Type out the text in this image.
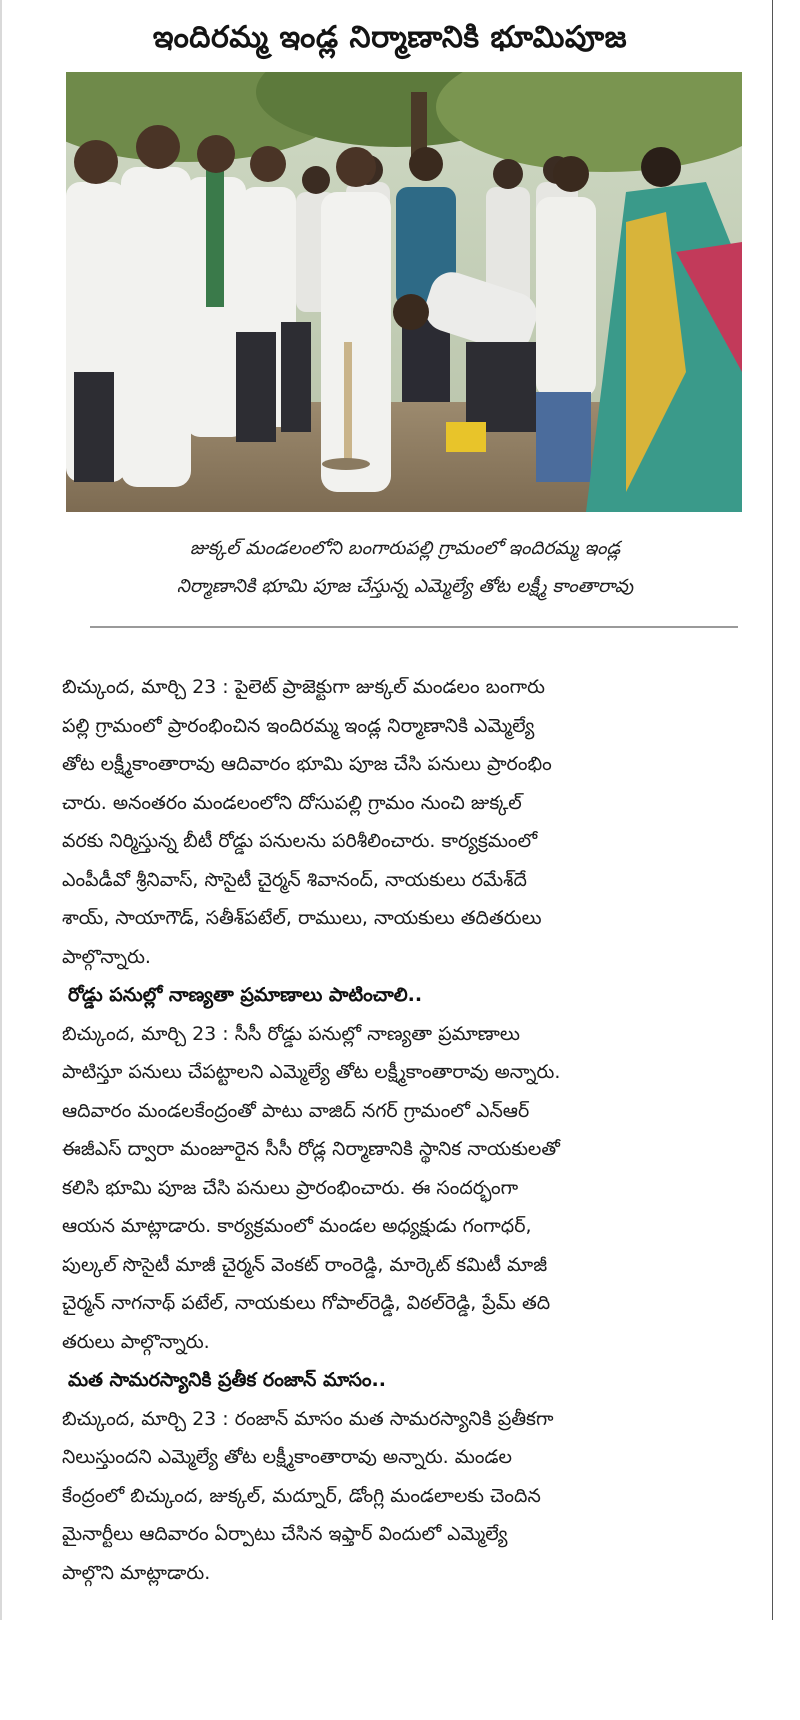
ఇందిరమ్మ ఇండ్ల నిర్మాణానికి భూమిపూజ
జుక్కల్ మండలంలోని బంగారుపల్లి గ్రామంలో ఇందిరమ్మ ఇండ్ల
నిర్మాణానికి భూమి పూజ చేస్తున్న ఎమ్మెల్యే తోట లక్ష్మీ కాంతారావు

బిచ్కుంద, మార్చి 23 : పైలెట్ ప్రాజెక్టుగా జుక్కల్ మండలం బంగారు
పల్లి గ్రామంలో ప్రారంభించిన ఇందిరమ్మ ఇండ్ల నిర్మాణానికి ఎమ్మెల్యే
తోట లక్ష్మీకాంతారావు ఆదివారం భూమి పూజ చేసి పనులు ప్రారంభిం
చారు. అనంతరం మండలంలోని దోసుపల్లి గ్రామం నుంచి జుక్కల్
వరకు నిర్మిస్తున్న బీటీ రోడ్డు పనులను పరిశీలించారు. కార్యక్రమంలో
ఎంపీడీవో శ్రీనివాస్, సొసైటీ చైర్మన్ శివానంద్, నాయకులు రమేశ్‌దే
శాయ్, సాయాగౌడ్, సతీశ్‌పటేల్, రాములు, నాయకులు తదితరులు
పాల్గొన్నారు.

రోడ్డు పనుల్లో నాణ్యతా ప్రమాణాలు పాటించాలి..

బిచ్కుంద, మార్చి 23 : సీసీ రోడ్డు పనుల్లో నాణ్యతా ప్రమాణాలు
పాటిస్తూ పనులు చేపట్టాలని ఎమ్మెల్యే తోట లక్ష్మీకాంతారావు అన్నారు.
ఆదివారం మండలకేంద్రంతో పాటు వాజిద్ నగర్ గ్రామంలో ఎన్ఆర్
ఈజీఎస్ ద్వారా మంజూరైన సీసీ రోడ్ల నిర్మాణానికి స్థానిక నాయకులతో
కలిసి భూమి పూజ చేసి పనులు ప్రారంభించారు. ఈ సందర్భంగా
ఆయన మాట్లాడారు. కార్యక్రమంలో మండల అధ్యక్షుడు గంగాధర్,
పుల్కల్ సొసైటీ మాజీ చైర్మన్ వెంకట్ రాంరెడ్డి, మార్కెట్ కమిటీ మాజీ
చైర్మన్ నాగనాథ్ పటేల్, నాయకులు గోపాల్‌రెడ్డి, విఠల్‌రెడ్డి, ప్రేమ్ తది
తరులు పాల్గొన్నారు.

మత సామరస్యానికి ప్రతీక రంజాన్ మాసం..

బిచ్కుంద, మార్చి 23 : రంజాన్ మాసం మత సామరస్యానికి ప్రతీకగా
నిలుస్తుందని ఎమ్మెల్యే తోట లక్ష్మీకాంతారావు అన్నారు. మండల
కేంద్రంలో బిచ్కుంద, జుక్కల్, మద్నూర్, డోంగ్లి మండలాలకు చెందిన
మైనార్టీలు ఆదివారం ఏర్పాటు చేసిన ఇఫ్తార్ విందులో ఎమ్మెల్యే
పాల్గొని మాట్లాడారు.
